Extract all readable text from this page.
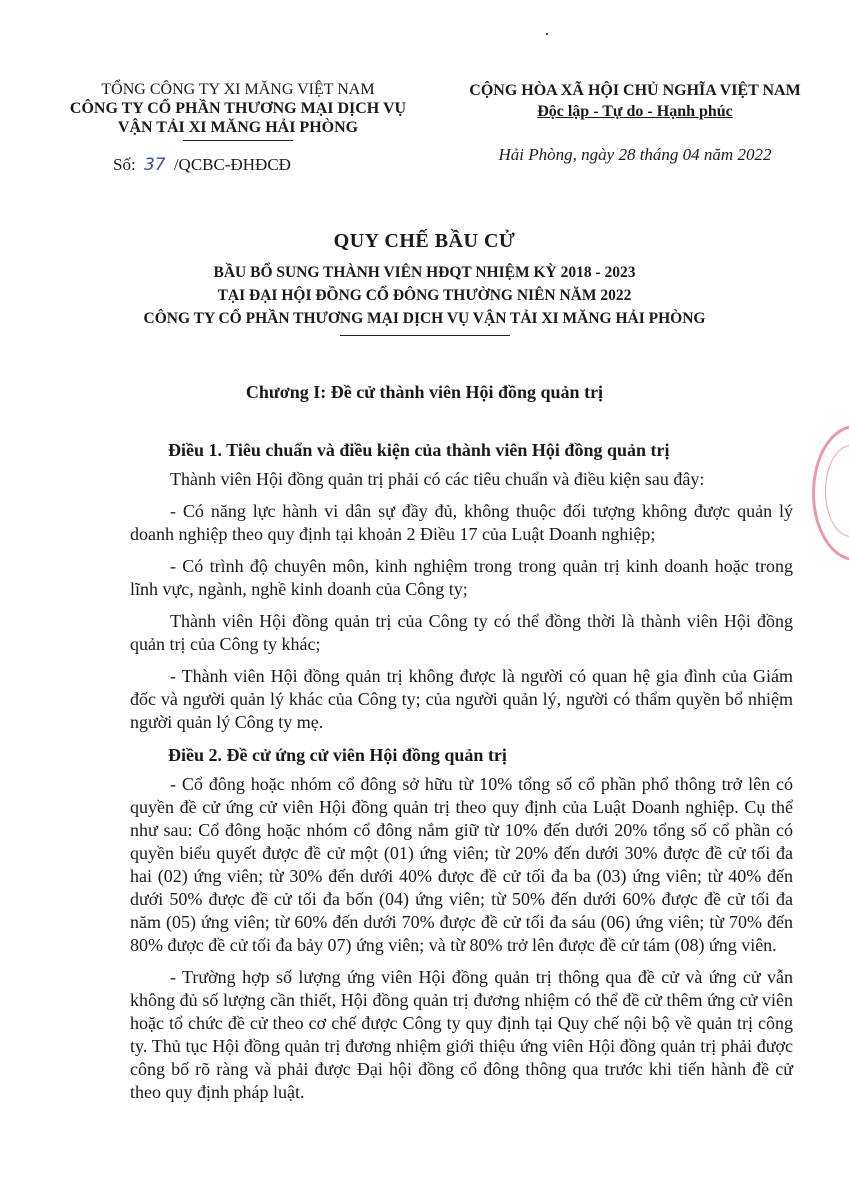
TỔNG CÔNG TY XI MĂNG VIỆT NAM
CÔNG TY CỔ PHẦN THƯƠNG MẠI DỊCH VỤ
VẬN TẢI XI MĂNG HẢI PHÒNG
CỘNG HÒA XÃ HỘI CHỦ NGHĨA VIỆT NAM
Độc lập - Tự do - Hạnh phúc
Số: 37 /QCBC-ĐHĐCĐ
Hải Phòng, ngày 28 tháng 04 năm 2022
QUY CHẾ BẦU CỬ
BẦU BỔ SUNG THÀNH VIÊN HĐQT NHIỆM KỲ 2018 - 2023
TẠI ĐẠI HỘI ĐỒNG CỔ ĐÔNG THƯỜNG NIÊN NĂM 2022
CÔNG TY CỔ PHẦN THƯƠNG MẠI DỊCH VỤ VẬN TẢI XI MĂNG HẢI PHÒNG
Chương I: Đề cử thành viên Hội đồng quản trị
Điều 1. Tiêu chuẩn và điều kiện của thành viên Hội đồng quản trị

Thành viên Hội đồng quản trị phải có các tiêu chuẩn và điều kiện sau đây:

- Có năng lực hành vi dân sự đầy đủ, không thuộc đối tượng không được quản lý doanh nghiệp theo quy định tại khoản 2 Điều 17 của Luật Doanh nghiệp;

- Có trình độ chuyên môn, kinh nghiệm trong trong quản trị kinh doanh hoặc trong lĩnh vực, ngành, nghề kinh doanh của Công ty;

Thành viên Hội đồng quản trị của Công ty có thể đồng thời là thành viên Hội đồng quản trị của Công ty khác;

- Thành viên Hội đồng quản trị không được là người có quan hệ gia đình của Giám đốc và người quản lý khác của Công ty; của người quản lý, người có thẩm quyền bổ nhiệm người quản lý Công ty mẹ.

Điều 2. Đề cử ứng cử viên Hội đồng quản trị

- Cổ đông hoặc nhóm cổ đông sở hữu từ 10% tổng số cổ phần phổ thông trở lên có quyền đề cử ứng cử viên Hội đồng quản trị theo quy định của Luật Doanh nghiệp. Cụ thể như sau: Cổ đông hoặc nhóm cổ đông nắm giữ từ 10% đến dưới 20% tổng số cổ phần có quyền biểu quyết được đề cử một (01) ứng viên; từ 20% đến dưới 30% được đề cử tối đa hai (02) ứng viên; từ 30% đến dưới 40% được đề cử tối đa ba (03) ứng viên; từ 40% đến dưới 50% được đề cử tối đa bốn (04) ứng viên; từ 50% đến dưới 60% được đề cử tối đa năm (05) ứng viên; từ 60% đến dưới 70% được đề cử tối đa sáu (06) ứng viên; từ 70% đến 80% được đề cử tối đa bảy 07) ứng viên; và từ 80% trở lên được đề cử tám (08) ứng viên.

- Trường hợp số lượng ứng viên Hội đồng quản trị thông qua đề cử và ứng cử vẫn không đủ số lượng cần thiết, Hội đồng quản trị đương nhiệm có thể đề cử thêm ứng cử viên hoặc tổ chức đề cử theo cơ chế được Công ty quy định tại Quy chế nội bộ về quản trị công ty. Thủ tục Hội đồng quản trị đương nhiệm giới thiệu ứng viên Hội đồng quản trị phải được công bố rõ ràng và phải được Đại hội đồng cổ đông thông qua trước khi tiến hành đề cử theo quy định pháp luật.
